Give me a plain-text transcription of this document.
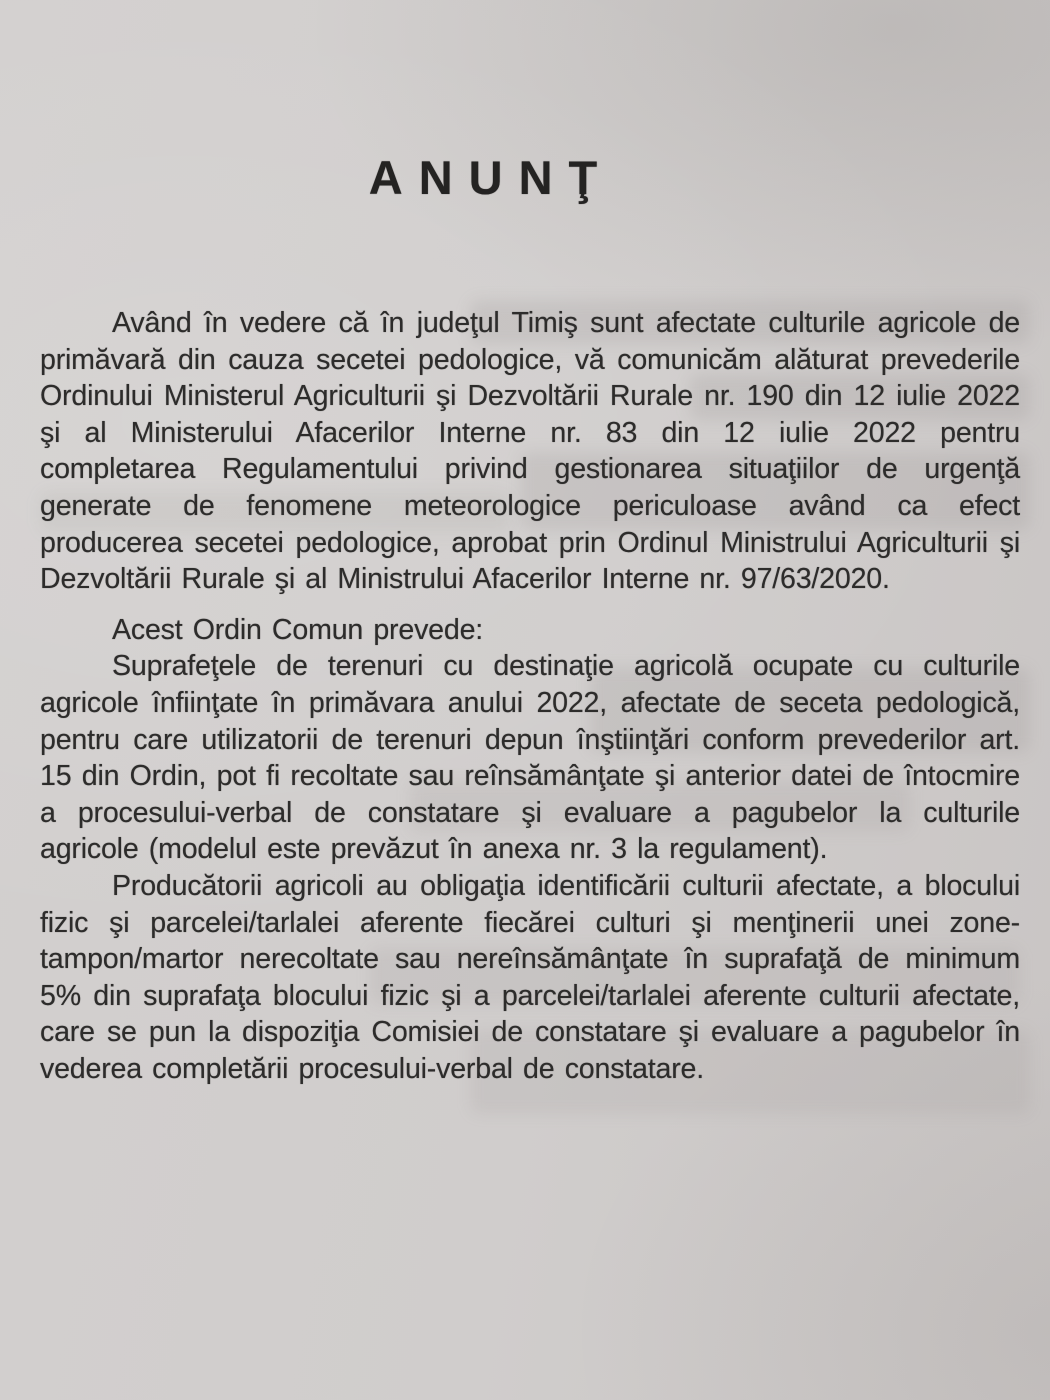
ANUNŢ

Având în vedere că în judeţul Timiş sunt afectate culturile agricole de primăvară din cauza secetei pedologice, vă comunicăm alăturat prevederile Ordinului Ministerul Agriculturii şi Dezvoltării Rurale nr. 190 din 12 iulie 2022 şi al Ministerului Afacerilor Interne nr. 83 din 12 iulie 2022 pentru completarea Regulamentului privind gestionarea situaţiilor de urgenţă generate de fenomene meteorologice periculoase având ca efect producerea secetei pedologice, aprobat prin Ordinul Ministrului Agriculturii şi Dezvoltării Rurale şi al Ministrului Afacerilor Interne nr. 97/63/2020.

Acest Ordin Comun prevede:

Suprafeţele de terenuri cu destinaţie agricolă ocupate cu culturile agricole înfiinţate în primăvara anului 2022, afectate de seceta pedologică, pentru care utilizatorii de terenuri depun înştiinţări conform prevederilor art. 15 din Ordin, pot fi recoltate sau reînsămânţate şi anterior datei de întocmire a procesului-verbal de constatare şi evaluare a pagubelor la culturile agricole (modelul este prevăzut în anexa nr. 3 la regulament).

Producătorii agricoli au obligaţia identificării culturii afectate, a blocului fizic şi parcelei/tarlalei aferente fiecărei culturi şi menţinerii unei zone-tampon/martor nerecoltate sau nereînsămânţate în suprafaţă de minimum 5% din suprafaţa blocului fizic şi a parcelei/tarlalei aferente culturii afectate, care se pun la dispoziţia Comisiei de constatare şi evaluare a pagubelor în vederea completării procesului-verbal de constatare.
